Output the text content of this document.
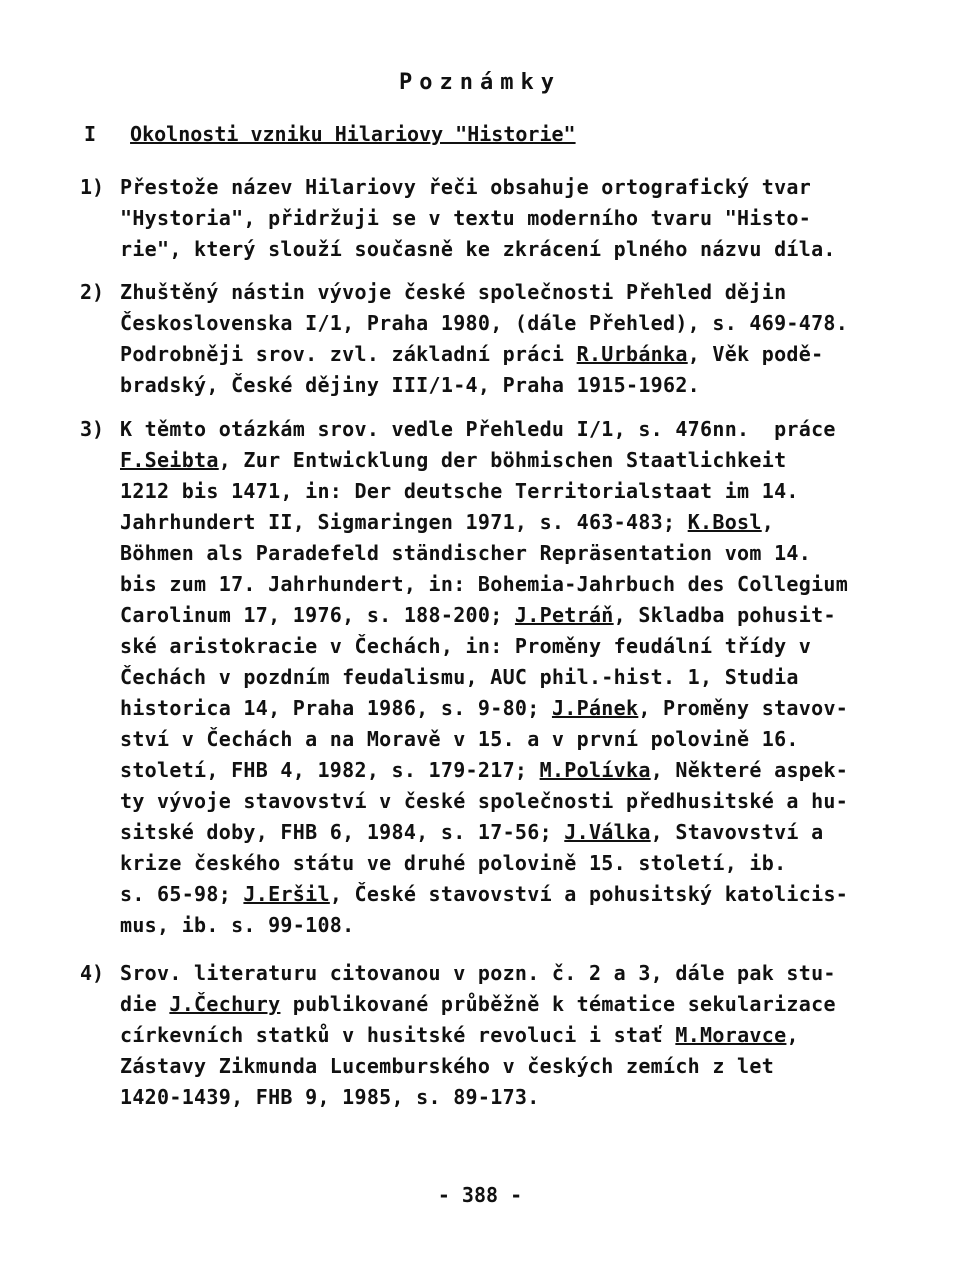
Poznámky
I Okolnosti vzniku Hilariovy "Historie"
1) Přestože název Hilariovy řeči obsahuje ortografický tvar
"Hystoria", přidržuji se v textu moderního tvaru "Histo-
rie", který slouží současně ke zkrácení plného názvu díla.
2) Zhuštěný nástin vývoje české společnosti Přehled dějin
Československa I/1, Praha 1980, (dále Přehled), s. 469-478.
Podrobněji srov. zvl. základní práci R.Urbánka, Věk podě-
bradský, České dějiny III/1-4, Praha 1915-1962.
3) K těmto otázkám srov. vedle Přehledu I/1, s. 476nn.  práce
F.Seibta, Zur Entwicklung der böhmischen Staatlichkeit
1212 bis 1471, in: Der deutsche Territorialstaat im 14.
Jahrhundert II, Sigmaringen 1971, s. 463-483; K.Bosl,
Böhmen als Paradefeld ständischer Repräsentation vom 14.
bis zum 17. Jahrhundert, in: Bohemia-Jahrbuch des Collegium
Carolinum 17, 1976, s. 188-200; J.Petráň, Skladba pohusit-
ské aristokracie v Čechách, in: Proměny feudální třídy v
Čechách v pozdním feudalismu, AUC phil.-hist. 1, Studia
historica 14, Praha 1986, s. 9-80; J.Pánek, Proměny stavov-
ství v Čechách a na Moravě v 15. a v první polovině 16.
století, FHB 4, 1982, s. 179-217; M.Polívka, Některé aspek-
ty vývoje stavovství v české společnosti předhusitské a hu-
sitské doby, FHB 6, 1984, s. 17-56; J.Válka, Stavovství a
krize českého státu ve druhé polovině 15. století, ib.
s. 65-98; J.Eršil, České stavovství a pohusitský katolicis-
mus, ib. s. 99-108.
4) Srov. literaturu citovanou v pozn. č. 2 a 3, dále pak stu-
die J.Čechury publikované průběžně k tématice sekularizace
církevních statků v husitské revoluci i stať M.Moravce,
Zástavy Zikmunda Lucemburského v českých zemích z let
1420-1439, FHB 9, 1985, s. 89-173.
- 388 -
